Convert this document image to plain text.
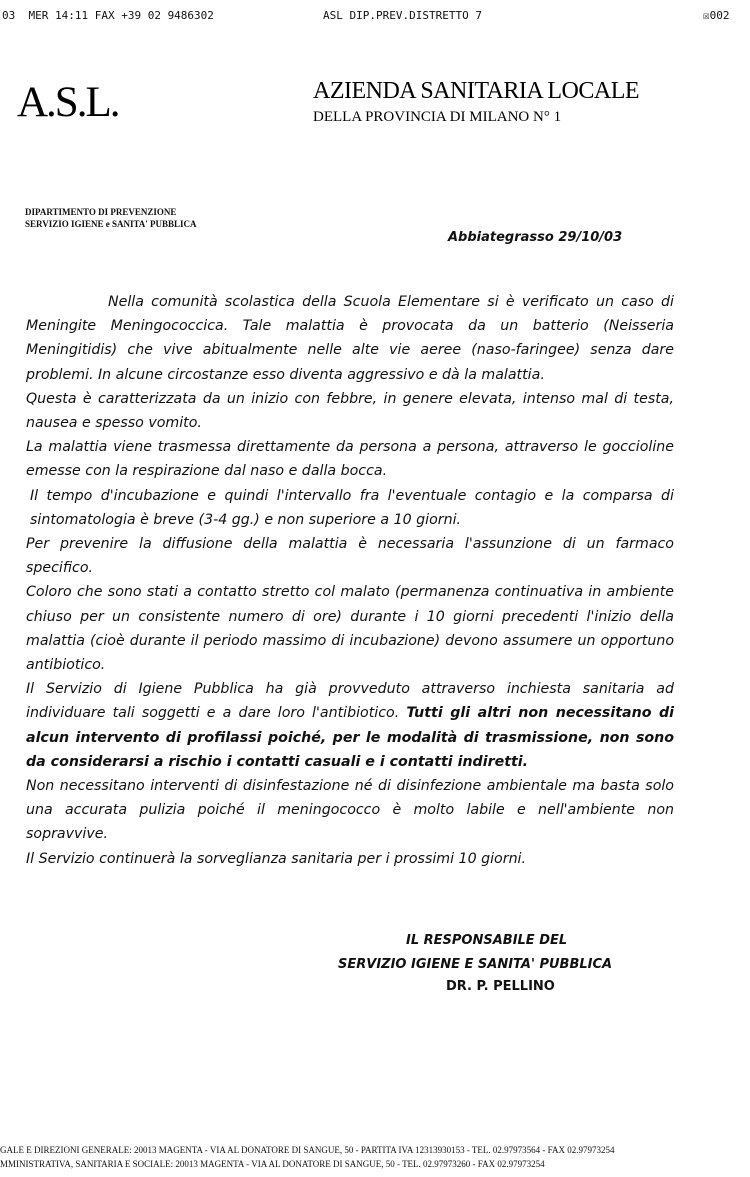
03  MER 14:11 FAX +39 02 9486302	ASL DIP.PREV.DISTRETTO 7	☒002
A.S.L.	AZIENDA SANITARIA LOCALE
DELLA PROVINCIA DI MILANO N° 1
DIPARTIMENTO DI PREVENZIONE
SERVIZIO IGIENE e SANITA' PUBBLICA
Abbiategrasso 29/10/03

Nella comunità scolastica della Scuola Elementare si è verificato un caso di Meningite Meningococcica. Tale malattia è provocata da un batterio (Neisseria Meningitidis) che vive abitualmente nelle alte vie aeree (naso-faringee) senza dare problemi. In alcune circostanze esso diventa aggressivo e dà la malattia.

Questa è caratterizzata da un inizio con febbre, in genere elevata, intenso mal di testa, nausea e spesso vomito.

La malattia viene trasmessa direttamente da persona a persona, attraverso le goccioline emesse con la respirazione dal naso e dalla bocca.

Il tempo d'incubazione e quindi l'intervallo fra l'eventuale contagio e la comparsa di sintomatologia è breve (3-4 gg.) e non superiore a 10 giorni.

Per prevenire la diffusione della malattia è necessaria l'assunzione di un farmaco specifico.

Coloro che sono stati a contatto stretto col malato (permanenza continuativa in ambiente chiuso per un consistente numero di ore) durante i 10 giorni precedenti l'inizio della malattia (cioè durante il periodo massimo di incubazione) devono assumere un opportuno antibiotico.

Il Servizio di Igiene Pubblica ha già provveduto attraverso inchiesta sanitaria ad individuare tali soggetti e a dare loro l'antibiotico. Tutti gli altri non necessitano di alcun intervento di profilassi poiché, per le modalità di trasmissione, non sono da considerarsi a rischio i contatti casuali e i contatti indiretti.

Non necessitano interventi di disinfestazione né di disinfezione ambientale ma basta solo una accurata pulizia poiché il meningococco è molto labile e nell'ambiente non sopravvive.

Il Servizio continuerà la sorveglianza sanitaria per i prossimi 10 giorni.

IL RESPONSABILE DEL
SERVIZIO IGIENE E SANITA' PUBBLICA
DR. P. PELLINO
GALE E DIREZIONI GENERALE: 20013 MAGENTA - VIA AL DONATORE DI SANGUE, 50 - PARTITA IVA 12313930153 - TEL. 02.97973564 - FAX 02.97973254
MMINISTRATIVA, SANITARIA E SOCIALE: 20013 MAGENTA - VIA AL DONATORE DI SANGUE, 50 - TEL. 02.97973260 - FAX 02.97973254
